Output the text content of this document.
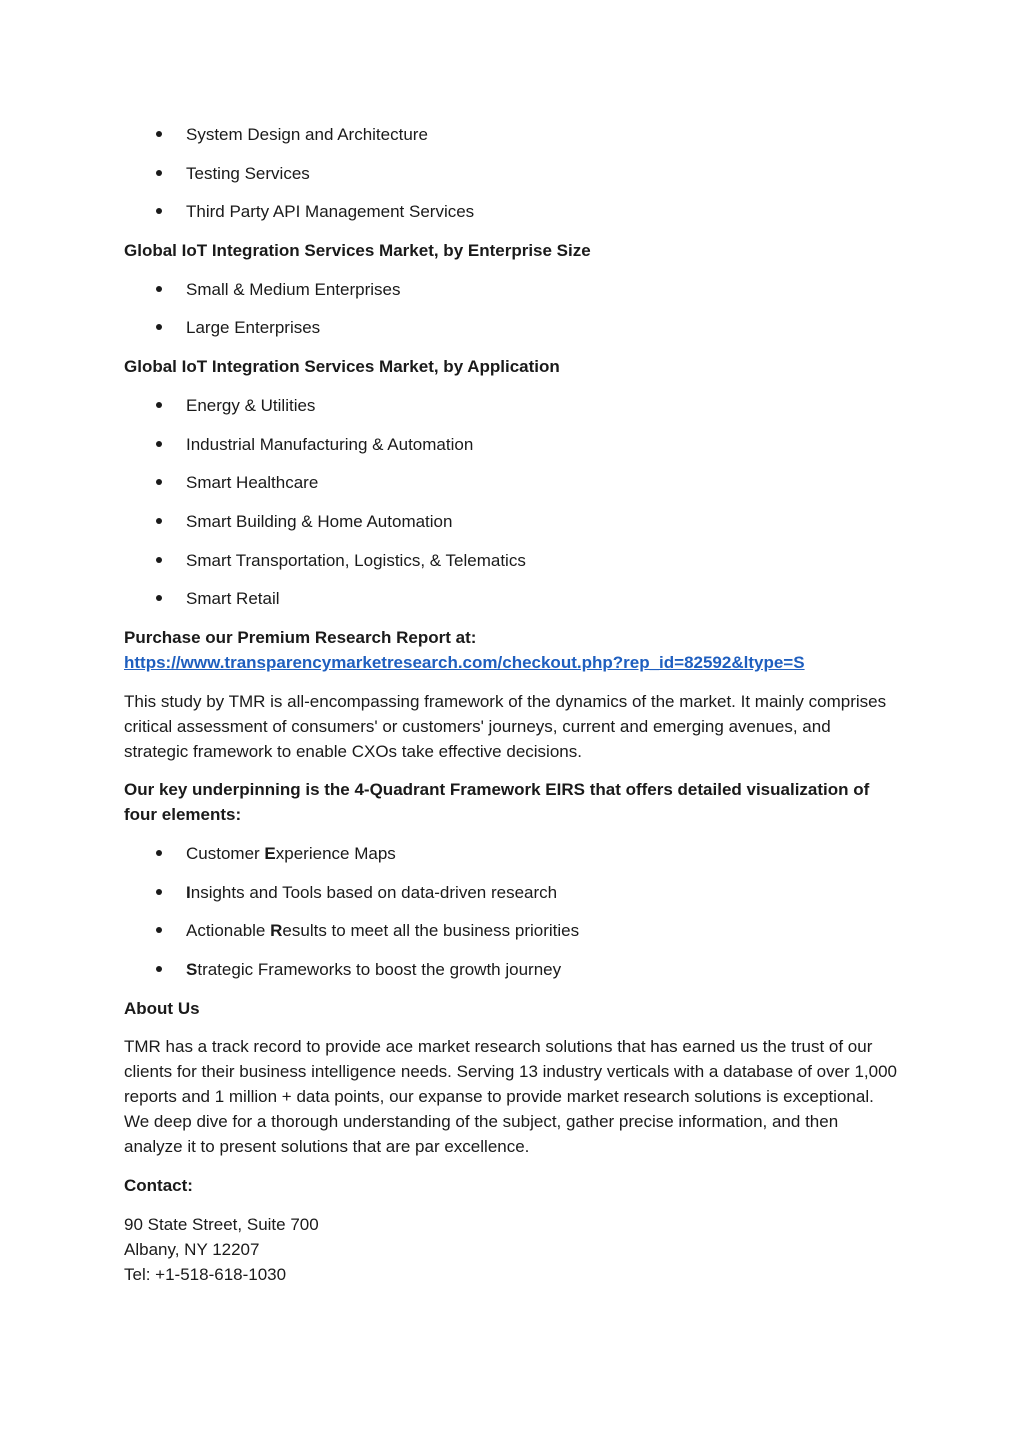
System Design and Architecture
Testing Services
Third Party API Management Services
Global IoT Integration Services Market, by Enterprise Size
Small & Medium Enterprises
Large Enterprises
Global IoT Integration Services Market, by Application
Energy & Utilities
Industrial Manufacturing & Automation
Smart Healthcare
Smart Building & Home Automation
Smart Transportation, Logistics, & Telematics
Smart Retail
Purchase our Premium Research Report at:
https://www.transparencymarketresearch.com/checkout.php?rep_id=82592&ltype=S
This study by TMR is all-encompassing framework of the dynamics of the market. It mainly comprises critical assessment of consumers' or customers' journeys, current and emerging avenues, and strategic framework to enable CXOs take effective decisions.
Our key underpinning is the 4-Quadrant Framework EIRS that offers detailed visualization of four elements:
Customer Experience Maps
Insights and Tools based on data-driven research
Actionable Results to meet all the business priorities
Strategic Frameworks to boost the growth journey
About Us
TMR has a track record to provide ace market research solutions that has earned us the trust of our clients for their business intelligence needs. Serving 13 industry verticals with a database of over 1,000 reports and 1 million + data points, our expanse to provide market research solutions is exceptional. We deep dive for a thorough understanding of the subject, gather precise information, and then analyze it to present solutions that are par excellence.
Contact:
90 State Street, Suite 700
Albany, NY 12207
Tel: +1-518-618-1030
